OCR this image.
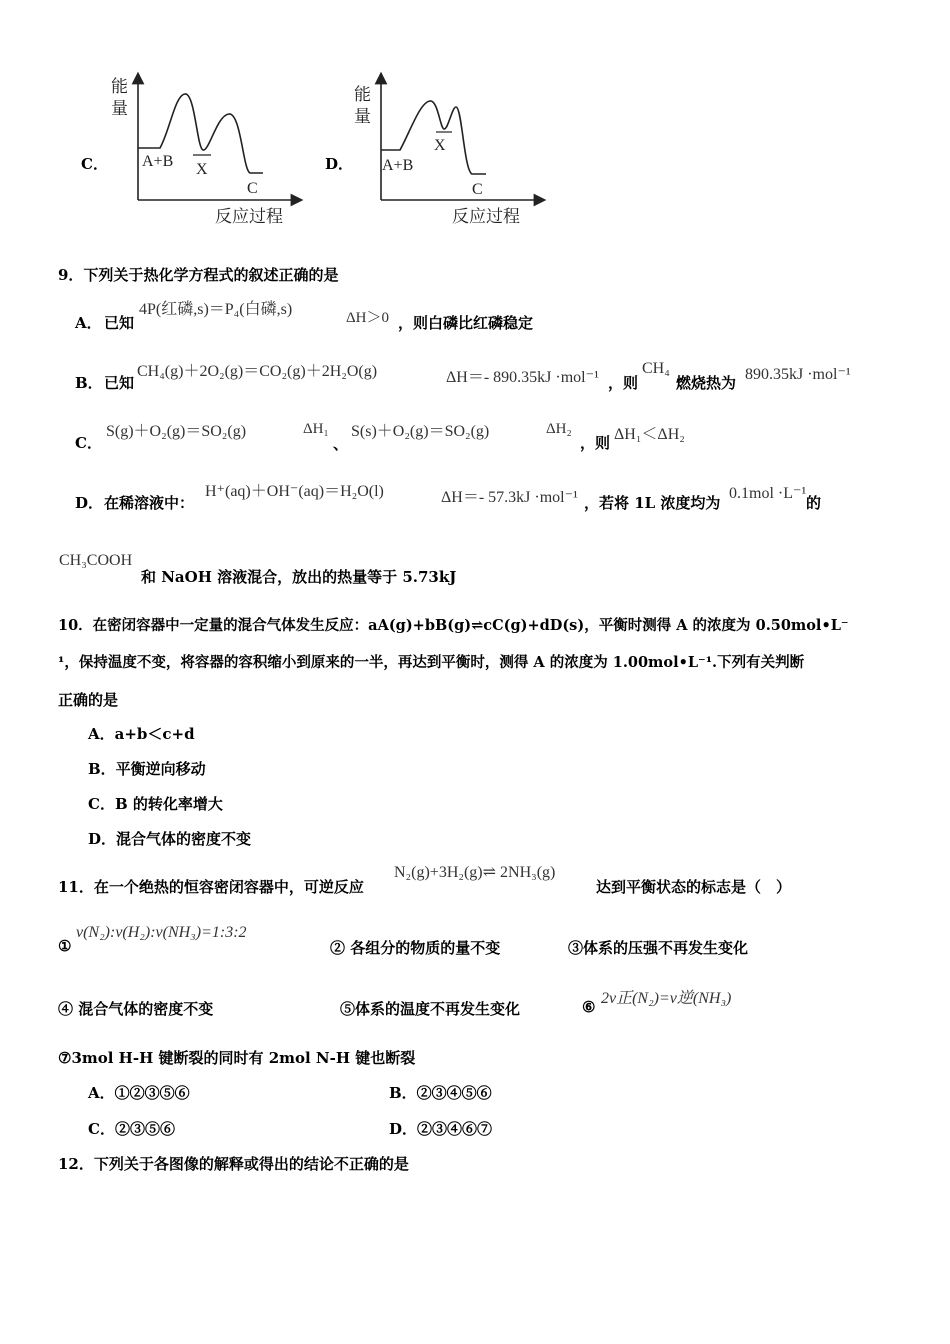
C．
能
量
A+B X
C
反应过程
D．
能
量
A+B
X
C
反应过程
9．下列关于热化学方程式的叙述正确的是
A． 已知
4P(红磷,s)＝P₄(白磷,s)	ΔH＞0 ，则白磷比红磷稳定
B． 已知
CH₄(g)＋2O₂(g)＝CO₂(g)＋2H₂O(g)	ΔH＝- 890.35kJ ·mol⁻¹ ，则
CH₄
燃烧热为 890.35kJ ·mol⁻¹
C．
S(g)＋O₂(g)＝SO₂(g)	ΔH₁
、
S(s)＋O₂(g)＝SO₂(g)	ΔH₂
，则 ΔH₁＜ΔH₂
D． 在稀溶液中：
H⁺(aq)＋OH⁻(aq)＝H₂O(l)	ΔH＝- 57.3kJ ·mol⁻¹ ，若将 1L 浓度均为
0.1mol ·L⁻¹
的
CH₃COOH
和 NaOH 溶液混合，放出的热量等于 5.73kJ
10．在密闭容器中一定量的混合气体发生反应：aA(g)+bB(g)⇌cC(g)+dD(s)，平衡时测得 A 的浓度为 0.50mol•L⁻
¹，保持温度不变，将容器的容积缩小到原来的一半，再达到平衡时，测得 A 的浓度为 1.00mol•L⁻¹.下列有关判断
正确的是
A．a+b＜c+d
B．平衡逆向移动
C．B 的转化率增大
D．混合气体的密度不变
11．在一个绝热的恒容密闭容器中，可逆反应
N₂(g)+3H₂(g)⇌ 2NH₃(g)
达到平衡状态的标志是（　）
①
v(N₂):v(H₂):v(NH₃)=1:3:2
② 各组分的物质的量不变	③体系的压强不再发生变化
④ 混合气体的密度不变	⑤体系的温度不再发生变化	⑥ 2v正(N₂)=v逆(NH₃)
⑦3mol H-H 键断裂的同时有 2mol N-H 键也断裂
A．①②③⑤⑥	B．②③④⑤⑥
C．②③⑤⑥	D．②③④⑥⑦
12．下列关于各图像的解释或得出的结论不正确的是
